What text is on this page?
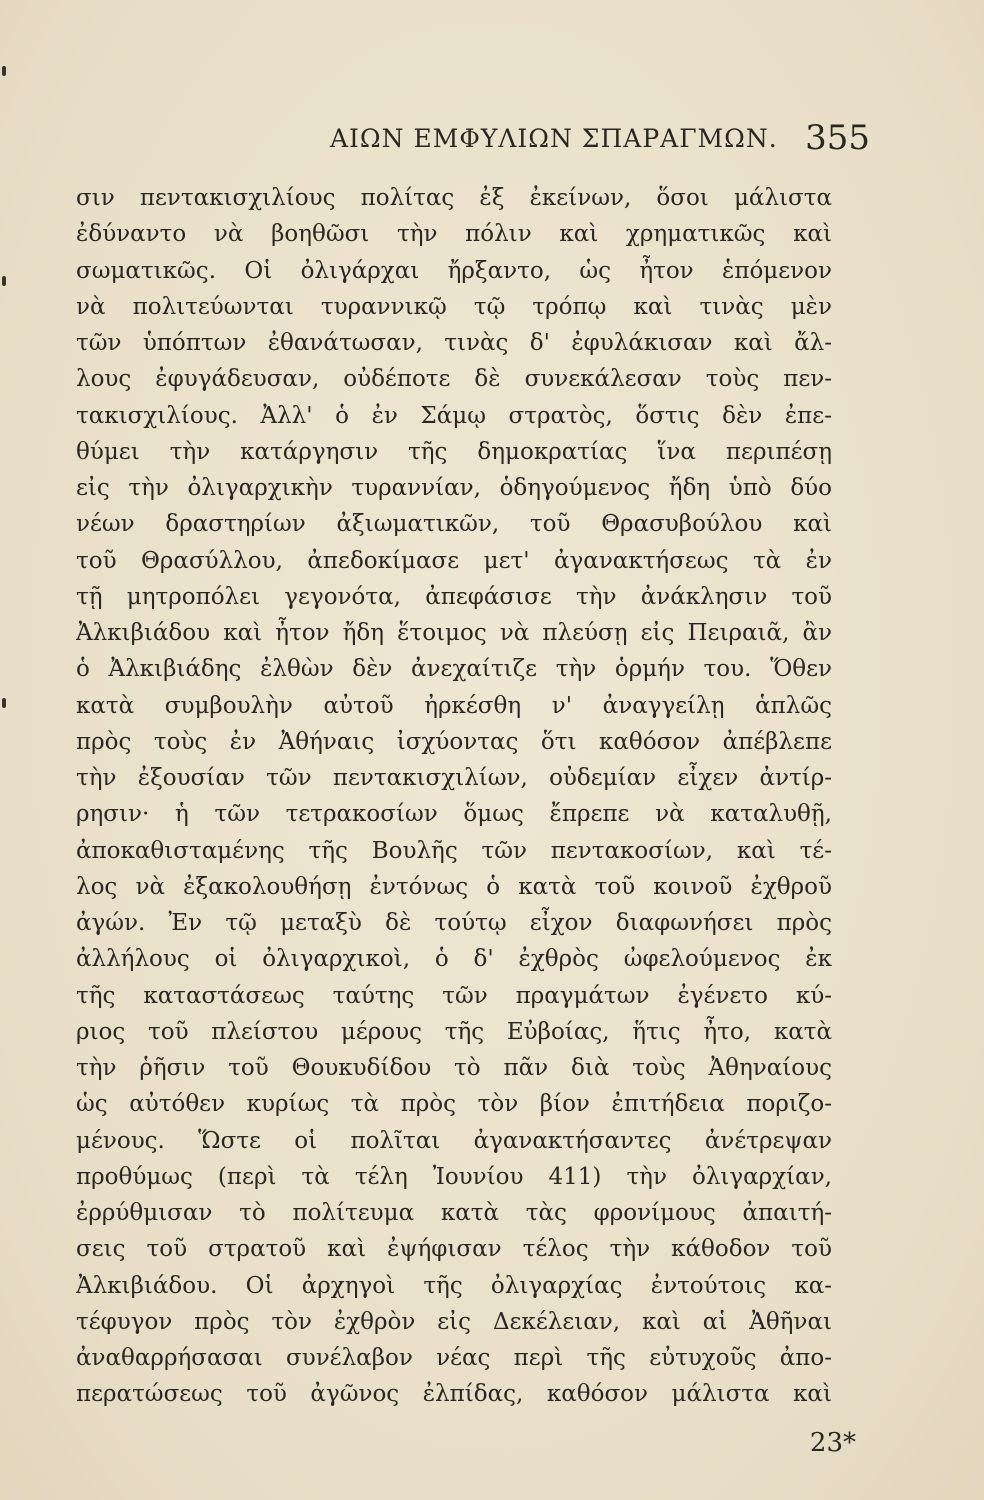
ΑΙΩΝ ΕΜΦΥΛΙΩΝ ΣΠΑΡΑΓΜΩΝ. 355
σιν πεντακισχιλίους πολίτας ἐξ ἐκείνων, ὅσοι μάλιστα
ἐδύναντο νὰ βοηθῶσι τὴν πόλιν καὶ χρηματικῶς καὶ
σωματικῶς. Οἱ ὀλιγάρχαι ἤρξαντο, ὡς ἦτον ἑπόμενον
νὰ πολιτεύωνται τυραννικῷ τῷ τρόπῳ καὶ τινὰς μὲν
τῶν ὑπόπτων ἐθανάτωσαν, τινὰς δ' ἐφυλάκισαν καὶ ἄλ-
λους ἐφυγάδευσαν, οὐδέποτε δὲ συνεκάλεσαν τοὺς πεν-
τακισχιλίους. Ἀλλ' ὁ ἐν Σάμῳ στρατὸς, ὅστις δὲν ἐπε-
θύμει τὴν κατάργησιν τῆς δημοκρατίας ἵνα περιπέσῃ
εἰς τὴν ὀλιγαρχικὴν τυραννίαν, ὁδηγούμενος ἤδη ὑπὸ δύο
νέων δραστηρίων ἀξιωματικῶν, τοῦ Θρασυβούλου καὶ
τοῦ Θρασύλλου, ἀπεδοκίμασε μετ' ἀγανακτήσεως τὰ ἐν
τῇ μητροπόλει γεγονότα, ἀπεφάσισε τὴν ἀνάκλησιν τοῦ
Ἀλκιβιάδου καὶ ἦτον ἤδη ἕτοιμος νὰ πλεύσῃ εἰς Πειραιᾶ, ἂν
ὁ Ἀλκιβιάδης ἐλθὼν δὲν ἀνεχαίτιζε τὴν ὁρμήν του. Ὅθεν
κατὰ συμβουλὴν αὐτοῦ ἠρκέσθη ν' ἀναγγείλῃ ἁπλῶς
πρὸς τοὺς ἐν Ἀθήναις ἰσχύοντας ὅτι καθόσον ἀπέβλεπε
τὴν ἐξουσίαν τῶν πεντακισχιλίων, οὐδεμίαν εἶχεν ἀντίρ-
ρησιν· ἡ τῶν τετρακοσίων ὅμως ἔπρεπε νὰ καταλυθῇ,
ἀποκαθισταμένης τῆς Βουλῆς τῶν πεντακοσίων, καὶ τέ-
λος νὰ ἐξακολουθήσῃ ἐντόνως ὁ κατὰ τοῦ κοινοῦ ἐχθροῦ
ἀγών. Ἐν τῷ μεταξὺ δὲ τούτῳ εἶχον διαφωνήσει πρὸς
ἀλλήλους οἱ ὀλιγαρχικοὶ, ὁ δ' ἐχθρὸς ὠφελούμενος ἐκ
τῆς καταστάσεως ταύτης τῶν πραγμάτων ἐγένετο κύ-
ριος τοῦ πλείστου μέρους τῆς Εὐβοίας, ἥτις ἦτο, κατὰ
τὴν ῥῆσιν τοῦ Θουκυδίδου τὸ πᾶν διὰ τοὺς Ἀθηναίους
ὡς αὐτόθεν κυρίως τὰ πρὸς τὸν βίον ἐπιτήδεια ποριζο-
μένους. Ὥστε οἱ πολῖται ἀγανακτήσαντες ἀνέτρεψαν
προθύμως (περὶ τὰ τέλη Ἰουνίου 411) τὴν ὀλιγαρχίαν,
ἐρρύθμισαν τὸ πολίτευμα κατὰ τὰς φρονίμους ἀπαιτή-
σεις τοῦ στρατοῦ καὶ ἐψήφισαν τέλος τὴν κάθοδον τοῦ
Ἀλκιβιάδου. Οἱ ἀρχηγοὶ τῆς ὀλιγαρχίας ἐντούτοις κα-
τέφυγον πρὸς τὸν ἐχθρὸν εἰς Δεκέλειαν, καὶ αἱ Ἀθῆναι
ἀναθαρρήσασαι συνέλαβον νέας περὶ τῆς εὐτυχοῦς ἀπο-
περατώσεως τοῦ ἀγῶνος ἐλπίδας, καθόσον μάλιστα καὶ
23*
